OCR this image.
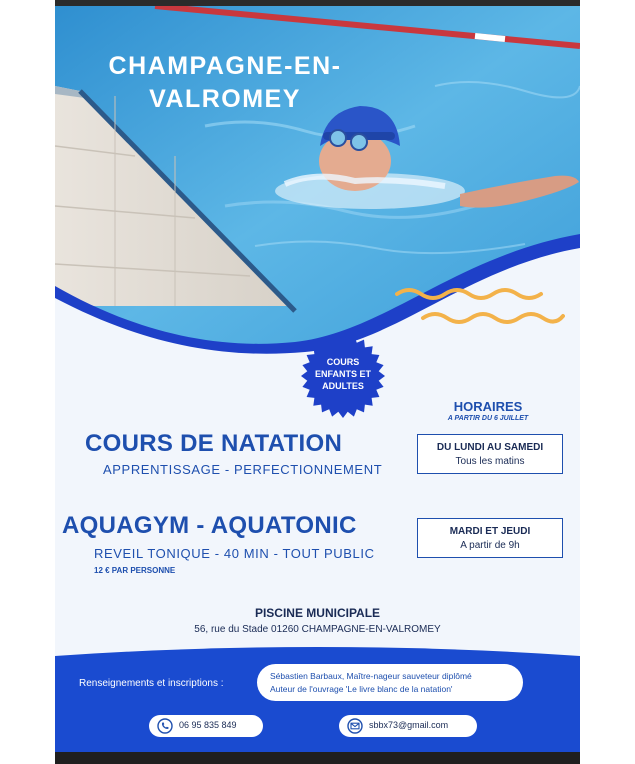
CHAMPAGNE-EN-
VALROMEY
COURS
ENFANTS ET
ADULTES
HORAIRES
A PARTIR DU 6 JUILLET
DU LUNDI AU SAMEDI
Tous les matins
COURS DE NATATION
APPRENTISSAGE - PERFECTIONNEMENT
AQUAGYM - AQUATONIC
REVEIL TONIQUE - 40 MIN - TOUT PUBLIC
12 € PAR PERSONNE
MARDI ET JEUDI
A partir de 9h
PISCINE MUNICIPALE
56, rue du Stade 01260 CHAMPAGNE-EN-VALROMEY
Renseignements et inscriptions :
Sébastien Barbaux, Maître-nageur sauveteur diplômé
Auteur de l'ouvrage 'Le livre blanc de la natation'
06 95 835 849	sbbx73@gmail.com
